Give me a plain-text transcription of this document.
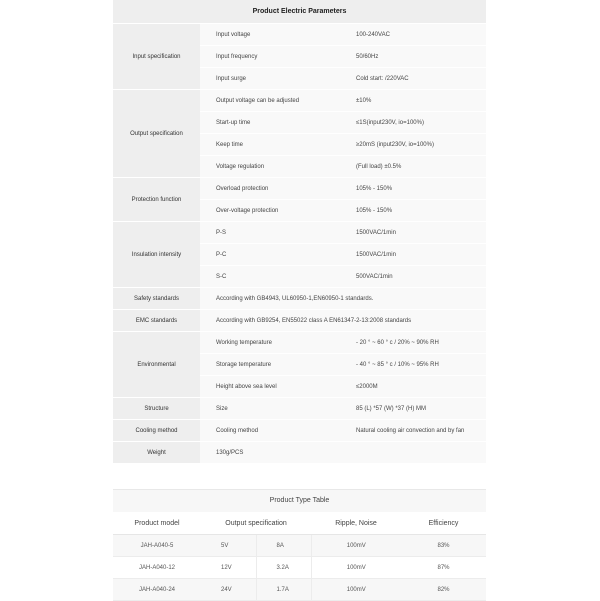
Product Electric Parameters
Input specification	Input voltage	100-240VAC
	Input frequency	50/60Hz
	Input surge	Cold start: /220VAC
Output specification	Output voltage can be adjusted	±10%
	Start-up time	≤1S(input230V, io=100%)
	Keep time	≥20mS (input230V, io=100%)
	Voltage regulation	(Full load) ±0.5%
Protection function	Overload protection	105% - 150%
	Over-voltage protection	105% - 150%
Insulation intensity	P-S	1500VAC/1min
	P-C	1500VAC/1min
	S-C	500VAC/1min
Safety standards	According with GB4943, UL60950-1,EN60950-1 standards.	
EMC standards	According with GB9254, EN55022 class A EN61347-2-13:2008 standards	
Environmental	Working temperature	- 20 ° ~ 60 ° c / 20% ~ 90% RH
	Storage temperature	- 40 ° ~ 85 ° c / 10% ~ 95% RH
	Height above sea level	≤2000M
Structure	Size	85 (L) *57 (W) *37 (H) MM
Cooling method	Cooling method	Natural cooling air convection and by fan
Weight	130g/PCS	
Product Type Table
Product model	Output specification		Ripple, Noise	Efficiency
JAH-A040-5	5V	8A	100mV	83%
JAH-A040-12	12V	3.2A	100mV	87%
JAH-A040-24	24V	1.7A	100mV	82%
